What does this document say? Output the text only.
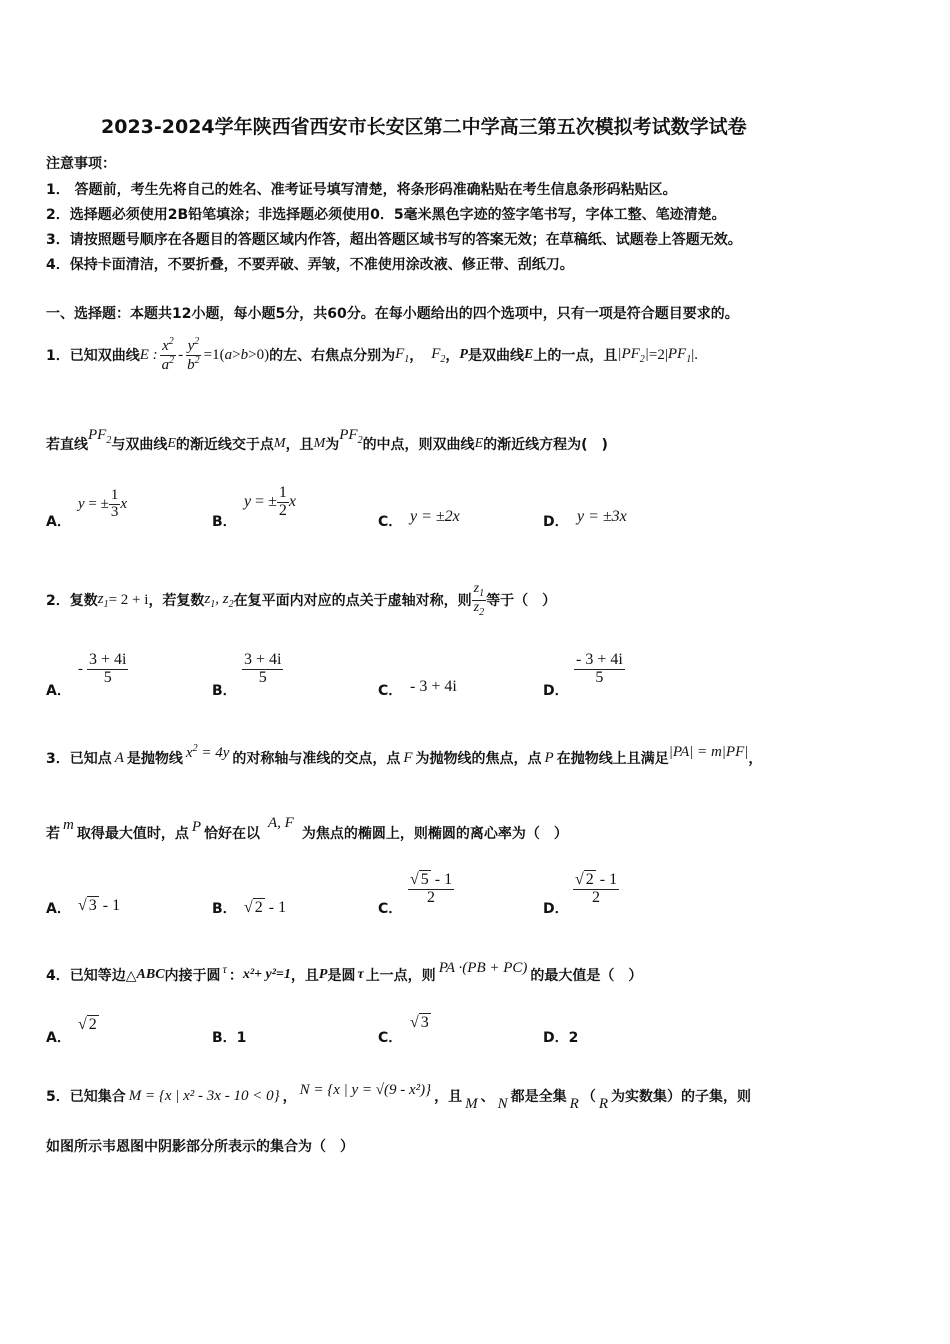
2023-2024学年陕西省西安市长安区第二中学高三第五次模拟考试数学试卷
注意事项：
1． 答题前，考生先将自己的姓名、准考证号填写清楚，将条形码准确粘贴在考生信息条形码粘贴区。
2．选择题必须使用2B铅笔填涂；非选择题必须使用0．5毫米黑色字迹的签字笔书写，字体工整、笔迹清楚。
3．请按照题号顺序在各题目的答题区域内作答，超出答题区域书写的答案无效；在草稿纸、试题卷上答题无效。
4．保持卡面清洁，不要折叠，不要弄破、弄皱，不准使用涂改液、修正带、刮纸刀。
一、选择题：本题共12小题，每小题5分，共60分。在每小题给出的四个选项中，只有一项是符合题目要求的。
1．已知双曲线 E : $\frac{x^2}{a^2} - \frac{y^2}{b^2} =1$( a > b >0) 的左、右焦点分别为 $F_1$ ， $F_2$ ， P 是双曲线 E 上的一点，且 $|PF_2| =2|$ $PF_1$ |.
若直线
$PF_2$ 与双曲线 E 的渐近线交于点 M ，且 M 为
$PF_2$ 的中点，则双曲线 E 的渐近线方程为(　)
A．
y = ± $\frac{1}{3}$ x
B．
y = ± $\frac{1}{2}$ x
C． y = ±2x	D． y = ±3x
2．复数 $z_1 = 2 + i$ ，若复数 $z_1$, $z_2$ 在复平面内对应的点关于虚轴对称，则 $\frac{z_1}{z_2}$ 等于（　）
A．
- $\frac{3 + 4i}{5}$
B．
$\frac{3 + 4i}{5}$
C． - 3 + 4i	D．
$\frac{- 3 + 4i}{5}$
3．已知点 A 是抛物线 $x^2 = 4y$ 的对称轴与准线的交点，点 F 为抛物线的焦点，点 P 在抛物线上且满足 |PA| = m|PF| ，
若
m
取得最大值时，点 P 恰好在以
A, F
为焦点的椭圆上，则椭圆的离心率为（　）
A． √ 3 - 1	B． √ 2 - 1	C．
$\frac{√ 5 - 1}{2}$
D．
$\frac{√ 2 - 1}{2}$
4．已知等边△ ABC 内接于圆 τ ： x²+ y²=1 ，且 P 是圆 τ 上一点，则
PA ·(PB + PC)
的最大值是（　）
A．
√ 2
B．1	C．
√ 3
D．2
5．已知集合 M = {x | x² - 3x - 10 < 0} ， N = {x | y = √(9 - x²)} ，且 M 、 N 都是全集 R （ R 为实数集）的子集，则
如图所示韦恩图中阴影部分所表示的集合为（　）
